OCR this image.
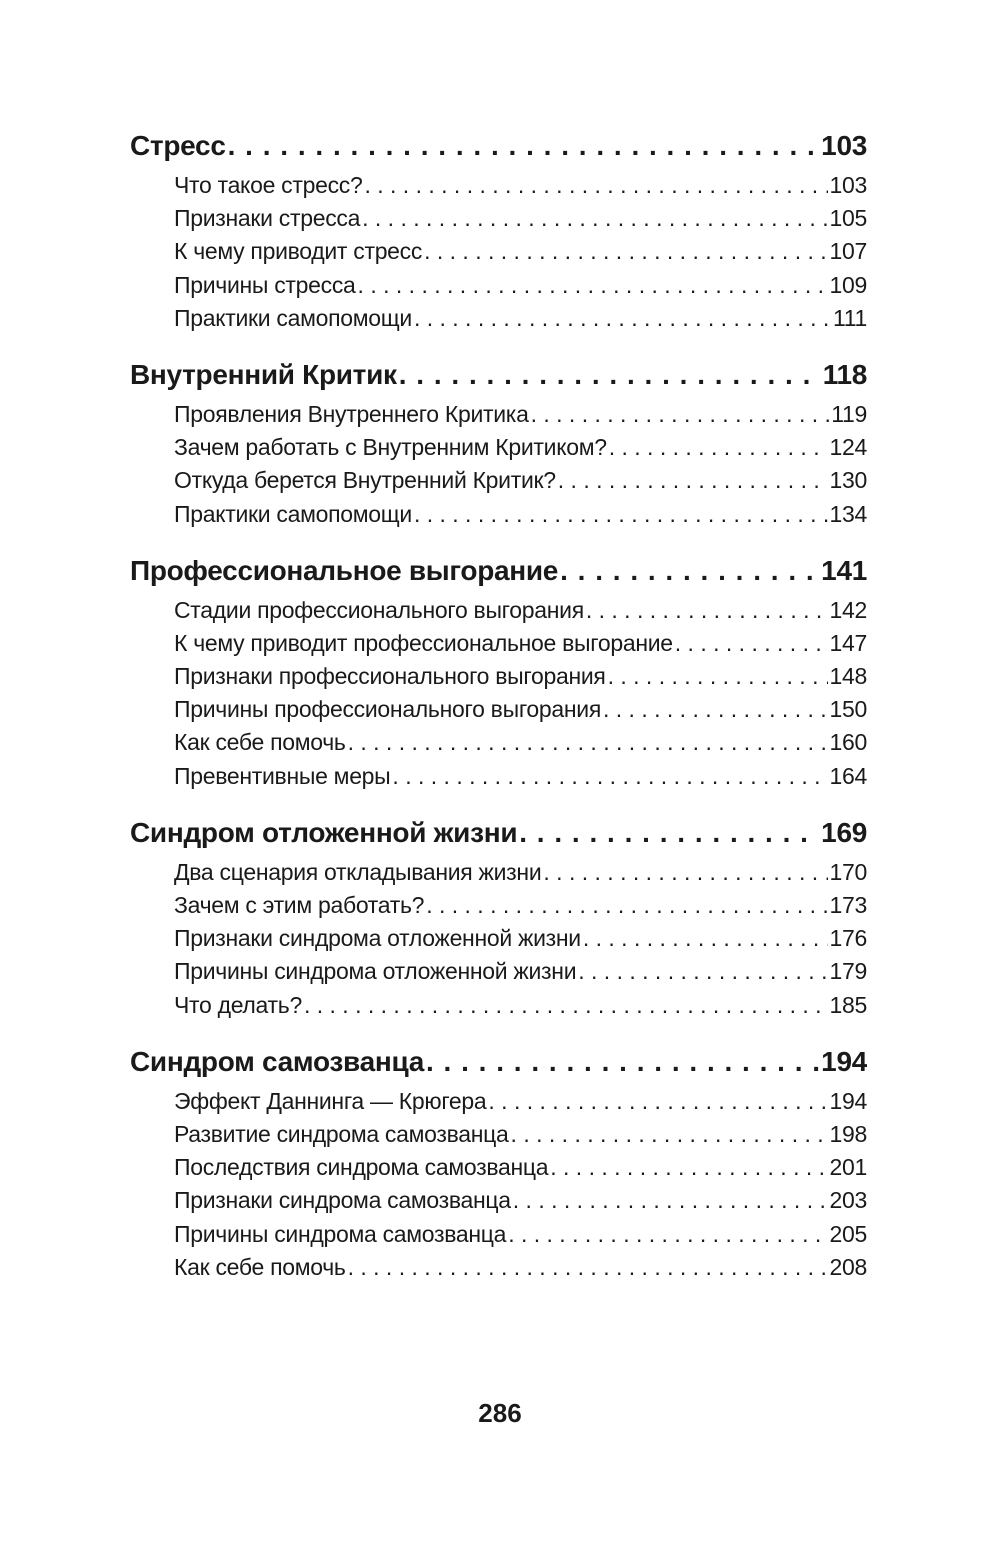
Стресс . . .	103
Что такое стресс? . . .	103
Признаки стресса . . .	105
К чему приводит стресс . . .	107
Причины стресса . . .	109
Практики самопомощи . . .	111
Внутренний Критик . . .	118
Проявления Внутреннего Критика . . .	119
Зачем работать с Внутренним Критиком? . . .	124
Откуда берется Внутренний Критик? . . .	130
Практики самопомощи . . .	134
Профессиональное выгорание . . .	141
Стадии профессионального выгорания . . .	142
К чему приводит профессиональное выгорание . . .	147
Признаки профессионального выгорания . . .	148
Причины профессионального выгорания . . .	150
Как себе помочь . . .	160
Превентивные меры . . .	164
Синдром отложенной жизни . . .	169
Два сценария откладывания жизни . . .	170
Зачем с этим работать? . . .	173
Признаки синдрома отложенной жизни . . .	176
Причины синдрома отложенной жизни . . .	179
Что делать? . . .	185
Синдром самозванца . . .	194
Эффект Даннинга — Крюгера . . .	194
Развитие синдрома самозванца . . .	198
Последствия синдрома самозванца . . .	201
Признаки синдрома самозванца . . .	203
Причины синдрома самозванца . . .	205
Как себе помочь . . .	208
286
